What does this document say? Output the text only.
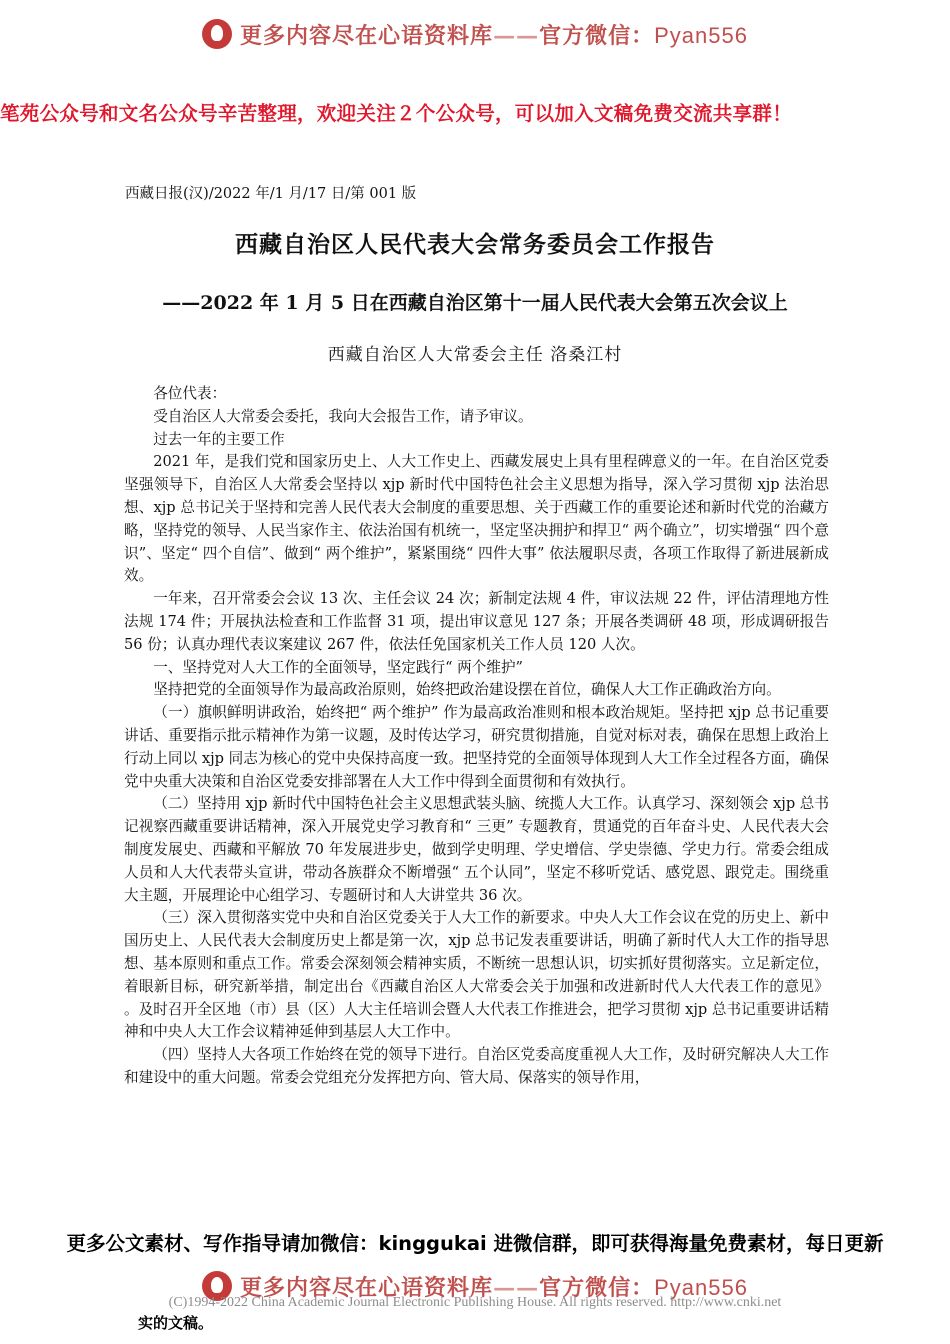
更多内容尽在心语资料库——官方微信：Pyan556
笔苑公众号和文名公众号辛苦整理，欢迎关注２个公众号，可以加入文稿免费交流共享群！
西藏日报(汉)/2022 年/1 月/17 日/第 001 版
西藏自治区人民代表大会常务委员会工作报告
——2022 年 1 月 5 日在西藏自治区第十一届人民代表大会第五次会议上
西藏自治区人大常委会主任 洛桑江村

各位代表：

受自治区人大常委会委托，我向大会报告工作，请予审议。

过去一年的主要工作

2021 年，是我们党和国家历史上、人大工作史上、西藏发展史上具有里程碑意义的一年。在自治区党委坚强领导下，自治区人大常委会坚持以 xjp 新时代中国特色社会主义思想为指导，深入学习贯彻 xjp 法治思想、xjp 总书记关于坚持和完善人民代表大会制度的重要思想、关于西藏工作的重要论述和新时代党的治藏方略，坚持党的领导、人民当家作主、依法治国有机统一，坚定坚决拥护和捍卫“ 两个确立”，切实增强“ 四个意识”、坚定“ 四个自信”、做到“ 两个维护”，紧紧围绕“ 四件大事” 依法履职尽责，各项工作取得了新进展新成效。

一年来，召开常委会会议 13 次、主任会议 24 次；新制定法规 4 件，审议法规 22 件，评估清理地方性法规 174 件；开展执法检查和工作监督 31 项，提出审议意见 127 条；开展各类调研 48 项，形成调研报告 56 份；认真办理代表议案建议 267 件，依法任免国家机关工作人员 120 人次。

一、坚持党对人大工作的全面领导，坚定践行“ 两个维护”

坚持把党的全面领导作为最高政治原则，始终把政治建设摆在首位，确保人大工作正确政治方向。

（一）旗帜鲜明讲政治，始终把“ 两个维护” 作为最高政治准则和根本政治规矩。坚持把 xjp 总书记重要讲话、重要指示批示精神作为第一议题，及时传达学习，研究贯彻措施，自觉对标对表，确保在思想上政治上行动上同以 xjp 同志为核心的党中央保持高度一致。把坚持党的全面领导体现到人大工作全过程各方面，确保党中央重大决策和自治区党委安排部署在人大工作中得到全面贯彻和有效执行。

（二）坚持用 xjp 新时代中国特色社会主义思想武装头脑、统揽人大工作。认真学习、深刻领会 xjp 总书记视察西藏重要讲话精神，深入开展党史学习教育和“ 三更” 专题教育，贯通党的百年奋斗史、人民代表大会制度发展史、西藏和平解放 70 年发展进步史，做到学史明理、学史增信、学史崇德、学史力行。常委会组成人员和人大代表带头宣讲，带动各族群众不断增强“ 五个认同”，坚定不移听党话、感党恩、跟党走。围绕重大主题，开展理论中心组学习、专题研讨和人大讲堂共 36 次。

（三）深入贯彻落实党中央和自治区党委关于人大工作的新要求。中央人大工作会议在党的历史上、新中国历史上、人民代表大会制度历史上都是第一次，xjp 总书记发表重要讲话，明确了新时代人大工作的指导思想、基本原则和重点工作。常委会深刻领会精神实质，不断统一思想认识，切实抓好贯彻落实。立足新定位，着眼新目标，研究新举措，制定出台《西藏自治区人大常委会关于加强和改进新时代人大代表工作的意见》 。及时召开全区地（市）县（区）人大主任培训会暨人大代表工作推进会，把学习贯彻 xjp 总书记重要讲话精神和中央人大工作会议精神延伸到基层人大工作中。

（四）坚持人大各项工作始终在党的领导下进行。自治区党委高度重视人大工作，及时研究解决人大工作和建设中的重大问题。常委会党组充分发挥把方向、管大局、保落实的领导作用，

更多公文素材、写作指导请加微信：kinggukai 进微信群，即可获得海量免费素材，每日更新
更多内容尽在心语资料库——官方微信：Pyan556
(C)1994-2022 China Academic Journal Electronic Publishing House. All rights reserved. http://www.cnki.net
实的文稿。
